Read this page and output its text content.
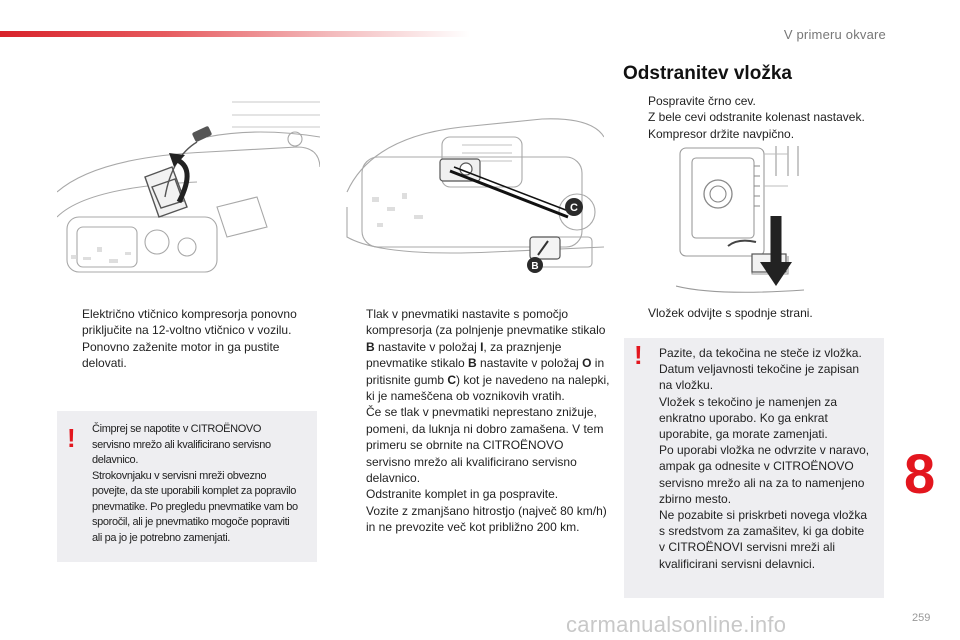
V primeru okvare
C
B
Električno vtičnico kompresorja ponovno priključite na 12-voltno vtičnico v vozilu.
Ponovno zaženite motor in ga pustite delovati.
! Čimprej se napotite v CITROËNOVO
servisno mrežo ali kvalificirano servisno
delavnico.
Strokovnjaku v servisni mreži obvezno
povejte, da ste uporabili komplet za popravilo
pnevmatike. Po pregledu pnevmatike vam bo
sporočil, ali je pnevmatiko mogoče popraviti
ali pa jo je potrebno zamenjati.
Tlak v pnevmatiki nastavite s pomočjo kompresorja (za polnjenje pnevmatike stikalo B nastavite v položaj I, za praznjenje pnevmatike stikalo B nastavite v položaj O in pritisnite gumb C) kot je navedeno na nalepki, ki je nameščena ob voznikovih vratih.

Če se tlak v pnevmatiki neprestano znižuje, pomeni, da luknja ni dobro zamašena. V tem primeru se obrnite na CITROËNOVO servisno mrežo ali kvalificirano servisno delavnico.

Odstranite komplet in ga pospravite.
Vozite z zmanjšano hitrostjo (največ 80 km/h) in ne prevozite več kot približno 200 km.
Odstranitev vložka
Pospravite črno cev.
Z bele cevi odstranite kolenast nastavek.
Kompresor držite navpično.
Vložek odvijte s spodnje strani.
! Pazite, da tekočina ne steče iz vložka.
Datum veljavnosti tekočine je zapisan
na vložku.
Vložek s tekočino je namenjen za
enkratno uporabo. Ko ga enkrat
uporabite, ga morate zamenjati.
Po uporabi vložka ne odvrzite v naravo,
ampak ga odnesite v CITROËNOVO
servisno mrežo ali na za to namenjeno
zbirno mesto.
Ne pozabite si priskrbeti novega vložka
s sredstvom za zamašitev, ki ga dobite
v CITROËNOVI servisni mreži ali
kvalificirani servisni delavnici.
8
carmanualsonline.info	259
